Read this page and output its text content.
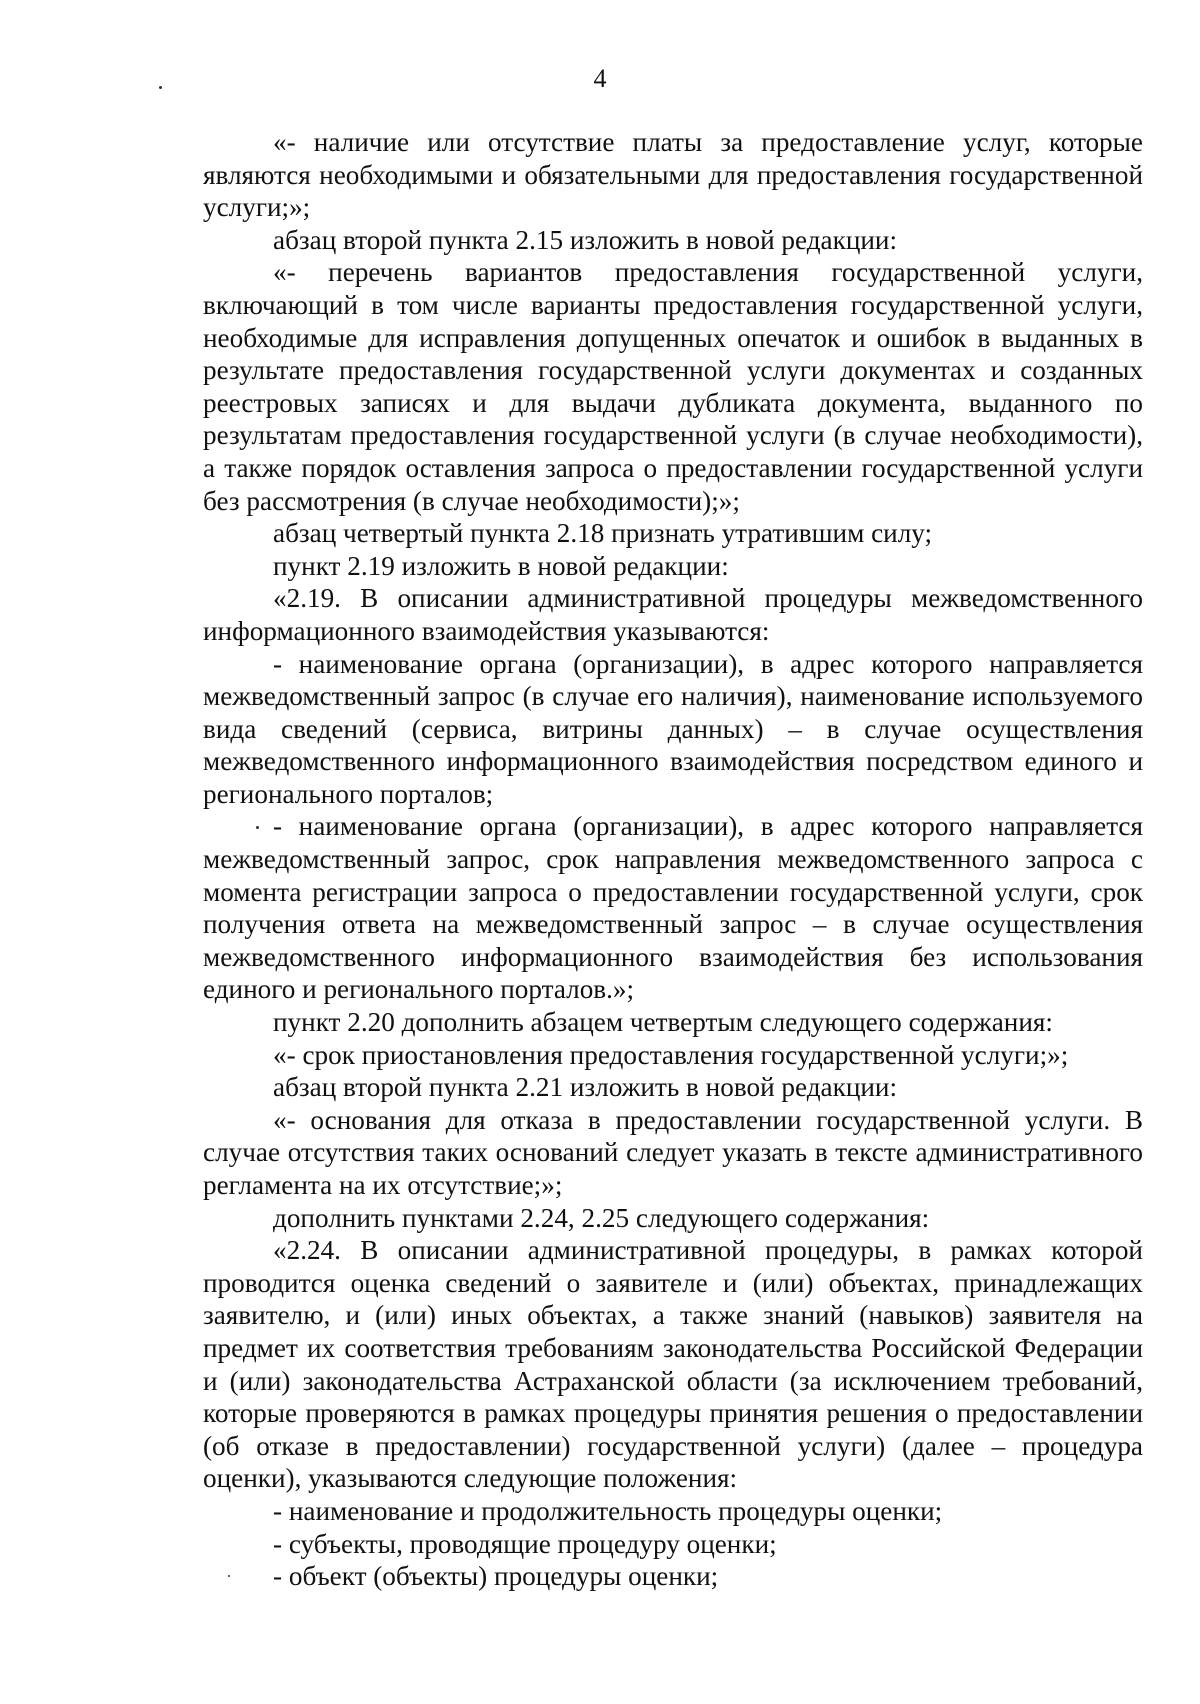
4

«- наличие или отсутствие платы за предоставление услуг, которые являются необходимыми и обязательными для предоставления государственной услуги;»;

абзац второй пункта 2.15 изложить в новой редакции:

«- перечень вариантов предоставления государственной услуги, включающий в том числе варианты предоставления государственной услуги, необходимые для исправления допущенных опечаток и ошибок в выданных в результате предоставления государственной услуги документах и созданных реестровых записях и для выдачи дубликата документа, выданного по результатам предоставления государственной услуги (в случае необходимости), а также порядок оставления запроса о предоставлении государственной услуги без рассмотрения (в случае необходимости);»;

абзац четвертый пункта 2.18 признать утратившим силу;

пункт 2.19 изложить в новой редакции:

«2.19. В описании административной процедуры межведомственного информационного взаимодействия указываются:

- наименование органа (организации), в адрес которого направляется межведомственный запрос (в случае его наличия), наименование используемого вида сведений (сервиса, витрины данных) – в случае осуществления межведомственного информационного взаимодействия посредством единого и регионального порталов;

- наименование органа (организации), в адрес которого направляется межведомственный запрос, срок направления межведомственного запроса с момента регистрации запроса о предоставлении государственной услуги, срок получения ответа на межведомственный запрос – в случае осуществления межведомственного информационного взаимодействия без использования единого и регионального порталов.»;

пункт 2.20 дополнить абзацем четвертым следующего содержания:

«- срок приостановления предоставления государственной услуги;»;

абзац второй пункта 2.21 изложить в новой редакции:

«- основания для отказа в предоставлении государственной услуги. В случае отсутствия таких оснований следует указать в тексте административного регламента на их отсутствие;»;

дополнить пунктами 2.24, 2.25 следующего содержания:

«2.24. В описании административной процедуры, в рамках которой проводится оценка сведений о заявителе и (или) объектах, принадлежащих заявителю, и (или) иных объектах, а также знаний (навыков) заявителя на предмет их соответствия требованиям законодательства Российской Федерации и (или) законодательства Астраханской области (за исключением требований, которые проверяются в рамках процедуры принятия решения о предоставлении (об отказе в предоставлении) государственной услуги) (далее – процедура оценки), указываются следующие положения:

- наименование и продолжительность процедуры оценки;

- субъекты, проводящие процедуру оценки;

- объект (объекты) процедуры оценки;
